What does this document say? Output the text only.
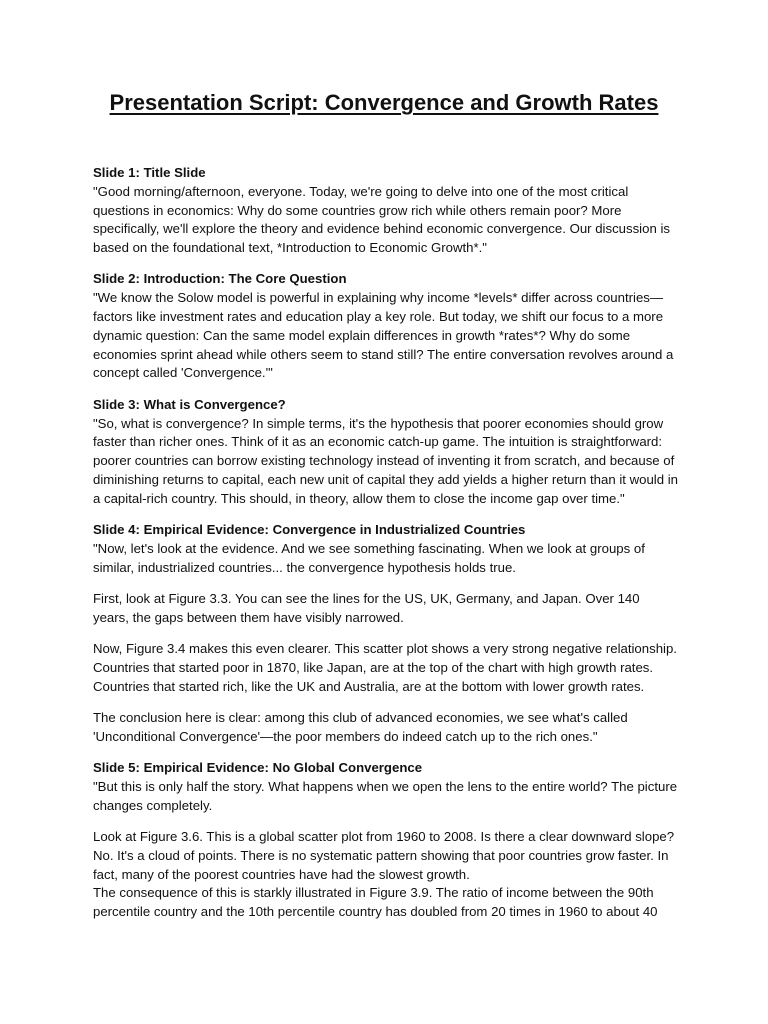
Presentation Script: Convergence and Growth Rates

Slide 1: Title Slide

"Good morning/afternoon, everyone. Today, we're going to delve into one of the most critical questions in economics: Why do some countries grow rich while others remain poor? More specifically, we'll explore the theory and evidence behind economic convergence. Our discussion is based on the foundational text, *Introduction to Economic Growth*."

Slide 2: Introduction: The Core Question

"We know the Solow model is powerful in explaining why income *levels* differ across countries—factors like investment rates and education play a key role. But today, we shift our focus to a more dynamic question: Can the same model explain differences in growth *rates*? Why do some economies sprint ahead while others seem to stand still? The entire conversation revolves around a concept called 'Convergence.'"

Slide 3: What is Convergence?

"So, what is convergence? In simple terms, it's the hypothesis that poorer economies should grow faster than richer ones. Think of it as an economic catch-up game. The intuition is straightforward: poorer countries can borrow existing technology instead of inventing it from scratch, and because of diminishing returns to capital, each new unit of capital they add yields a higher return than it would in a capital-rich country. This should, in theory, allow them to close the income gap over time."

Slide 4: Empirical Evidence: Convergence in Industrialized Countries

"Now, let's look at the evidence. And we see something fascinating. When we look at groups of similar, industrialized countries... the convergence hypothesis holds true.

First, look at Figure 3.3. You can see the lines for the US, UK, Germany, and Japan. Over 140 years, the gaps between them have visibly narrowed.

Now, Figure 3.4 makes this even clearer. This scatter plot shows a very strong negative relationship. Countries that started poor in 1870, like Japan, are at the top of the chart with high growth rates. Countries that started rich, like the UK and Australia, are at the bottom with lower growth rates.

The conclusion here is clear: among this club of advanced economies, we see what's called 'Unconditional Convergence'—the poor members do indeed catch up to the rich ones."

Slide 5: Empirical Evidence: No Global Convergence

"But this is only half the story. What happens when we open the lens to the entire world? The picture changes completely.

Look at Figure 3.6. This is a global scatter plot from 1960 to 2008. Is there a clear downward slope? No. It's a cloud of points. There is no systematic pattern showing that poor countries grow faster. In fact, many of the poorest countries have had the slowest growth.

The consequence of this is starkly illustrated in Figure 3.9. The ratio of income between the 90th percentile country and the 10th percentile country has doubled from 20 times in 1960 to about 40
